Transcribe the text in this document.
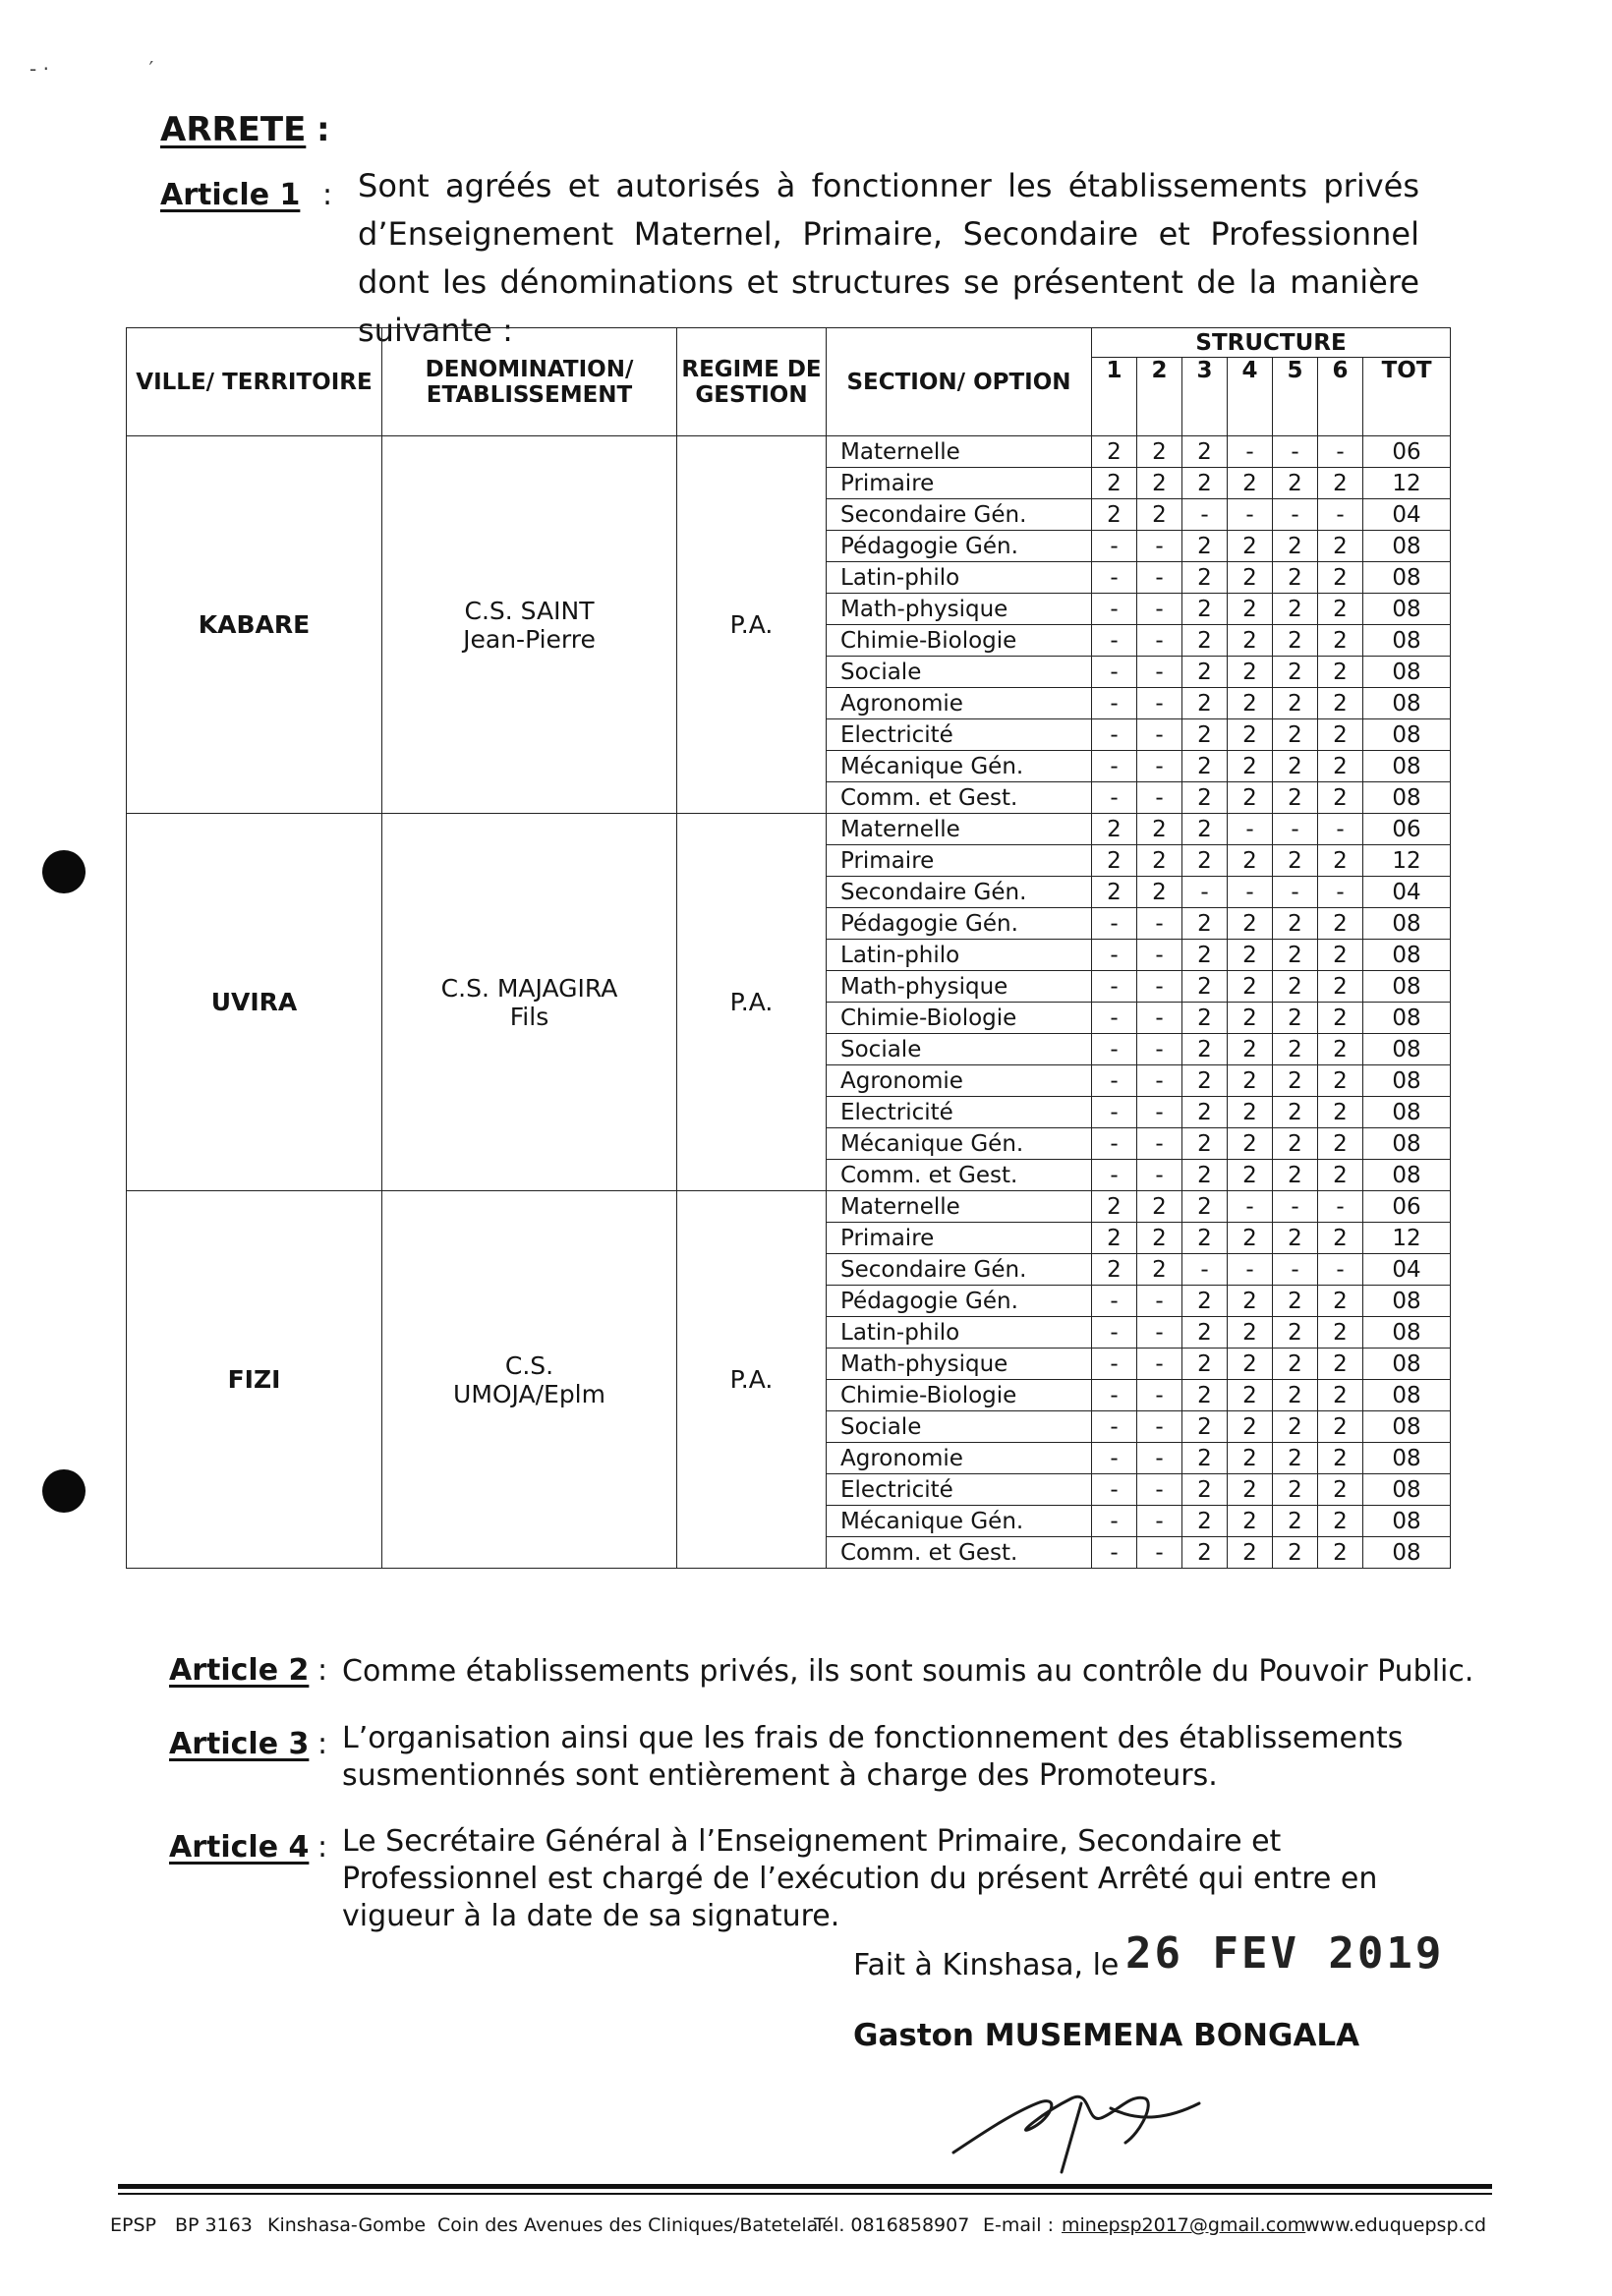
‐ ·                ′
ARRETE :
Article 1 : Sont agréés et autorisés à fonctionner les établissements privés d’Enseignement Maternel, Primaire, Secondaire et Professionnel dont les dénominations et structures se présentent de la manière suivante :
VILLE/ TERRITOIRE	DENOMINATION/ ETABLISSEMENT	REGIME DE GESTION	SECTION/ OPTION	STRUCTURE						
				1	2	3	4	5	6	TOT
KABARE	C.S. SAINT Jean-Pierre	P.A.	Maternelle	2	2	2	-	-	-	06
			Primaire	2	2	2	2	2	2	12
			Secondaire Gén.	2	2	-	-	-	-	04
			Pédagogie Gén.	-	-	2	2	2	2	08
			Latin-philo	-	-	2	2	2	2	08
			Math-physique	-	-	2	2	2	2	08
			Chimie-Biologie	-	-	2	2	2	2	08
			Sociale	-	-	2	2	2	2	08
			Agronomie	-	-	2	2	2	2	08
			Electricité	-	-	2	2	2	2	08
			Mécanique Gén.	-	-	2	2	2	2	08
			Comm. et Gest.	-	-	2	2	2	2	08
UVIRA	C.S. MAJAGIRA Fils	P.A.	Maternelle	2	2	2	-	-	-	06
			Primaire	2	2	2	2	2	2	12
			Secondaire Gén.	2	2	-	-	-	-	04
			Pédagogie Gén.	-	-	2	2	2	2	08
			Latin-philo	-	-	2	2	2	2	08
			Math-physique	-	-	2	2	2	2	08
			Chimie-Biologie	-	-	2	2	2	2	08
			Sociale	-	-	2	2	2	2	08
			Agronomie	-	-	2	2	2	2	08
			Electricité	-	-	2	2	2	2	08
			Mécanique Gén.	-	-	2	2	2	2	08
			Comm. et Gest.	-	-	2	2	2	2	08
FIZI	C.S. UMOJA/Eplm	P.A.	Maternelle	2	2	2	-	-	-	06
			Primaire	2	2	2	2	2	2	12
			Secondaire Gén.	2	2	-	-	-	-	04
			Pédagogie Gén.	-	-	2	2	2	2	08
			Latin-philo	-	-	2	2	2	2	08
			Math-physique	-	-	2	2	2	2	08
			Chimie-Biologie	-	-	2	2	2	2	08
			Sociale	-	-	2	2	2	2	08
			Agronomie	-	-	2	2	2	2	08
			Electricité	-	-	2	2	2	2	08
			Mécanique Gén.	-	-	2	2	2	2	08
			Comm. et Gest.	-	-	2	2	2	2	08
Article 2 : Comme établissements privés, ils sont soumis au contrôle du Pouvoir Public.
Article 3 : L’organisation ainsi que les frais de fonctionnement des établissements susmentionnés sont entièrement à charge des Promoteurs.
Article 4 : Le Secrétaire Général à l’Enseignement Primaire, Secondaire et Professionnel est chargé de l’exécution du présent Arrêté qui entre en vigueur à la date de sa signature.
Fait à Kinshasa, le 26 FEV 2019
Gaston MUSEMENA BONGALA
EPSP BP 3163 Kinshasa-Gombe Coin des Avenues des Cliniques/Batetela
Tél. 0816858907 E-mail : minepsp2017@gmail.com
www.eduquepsp.cd
